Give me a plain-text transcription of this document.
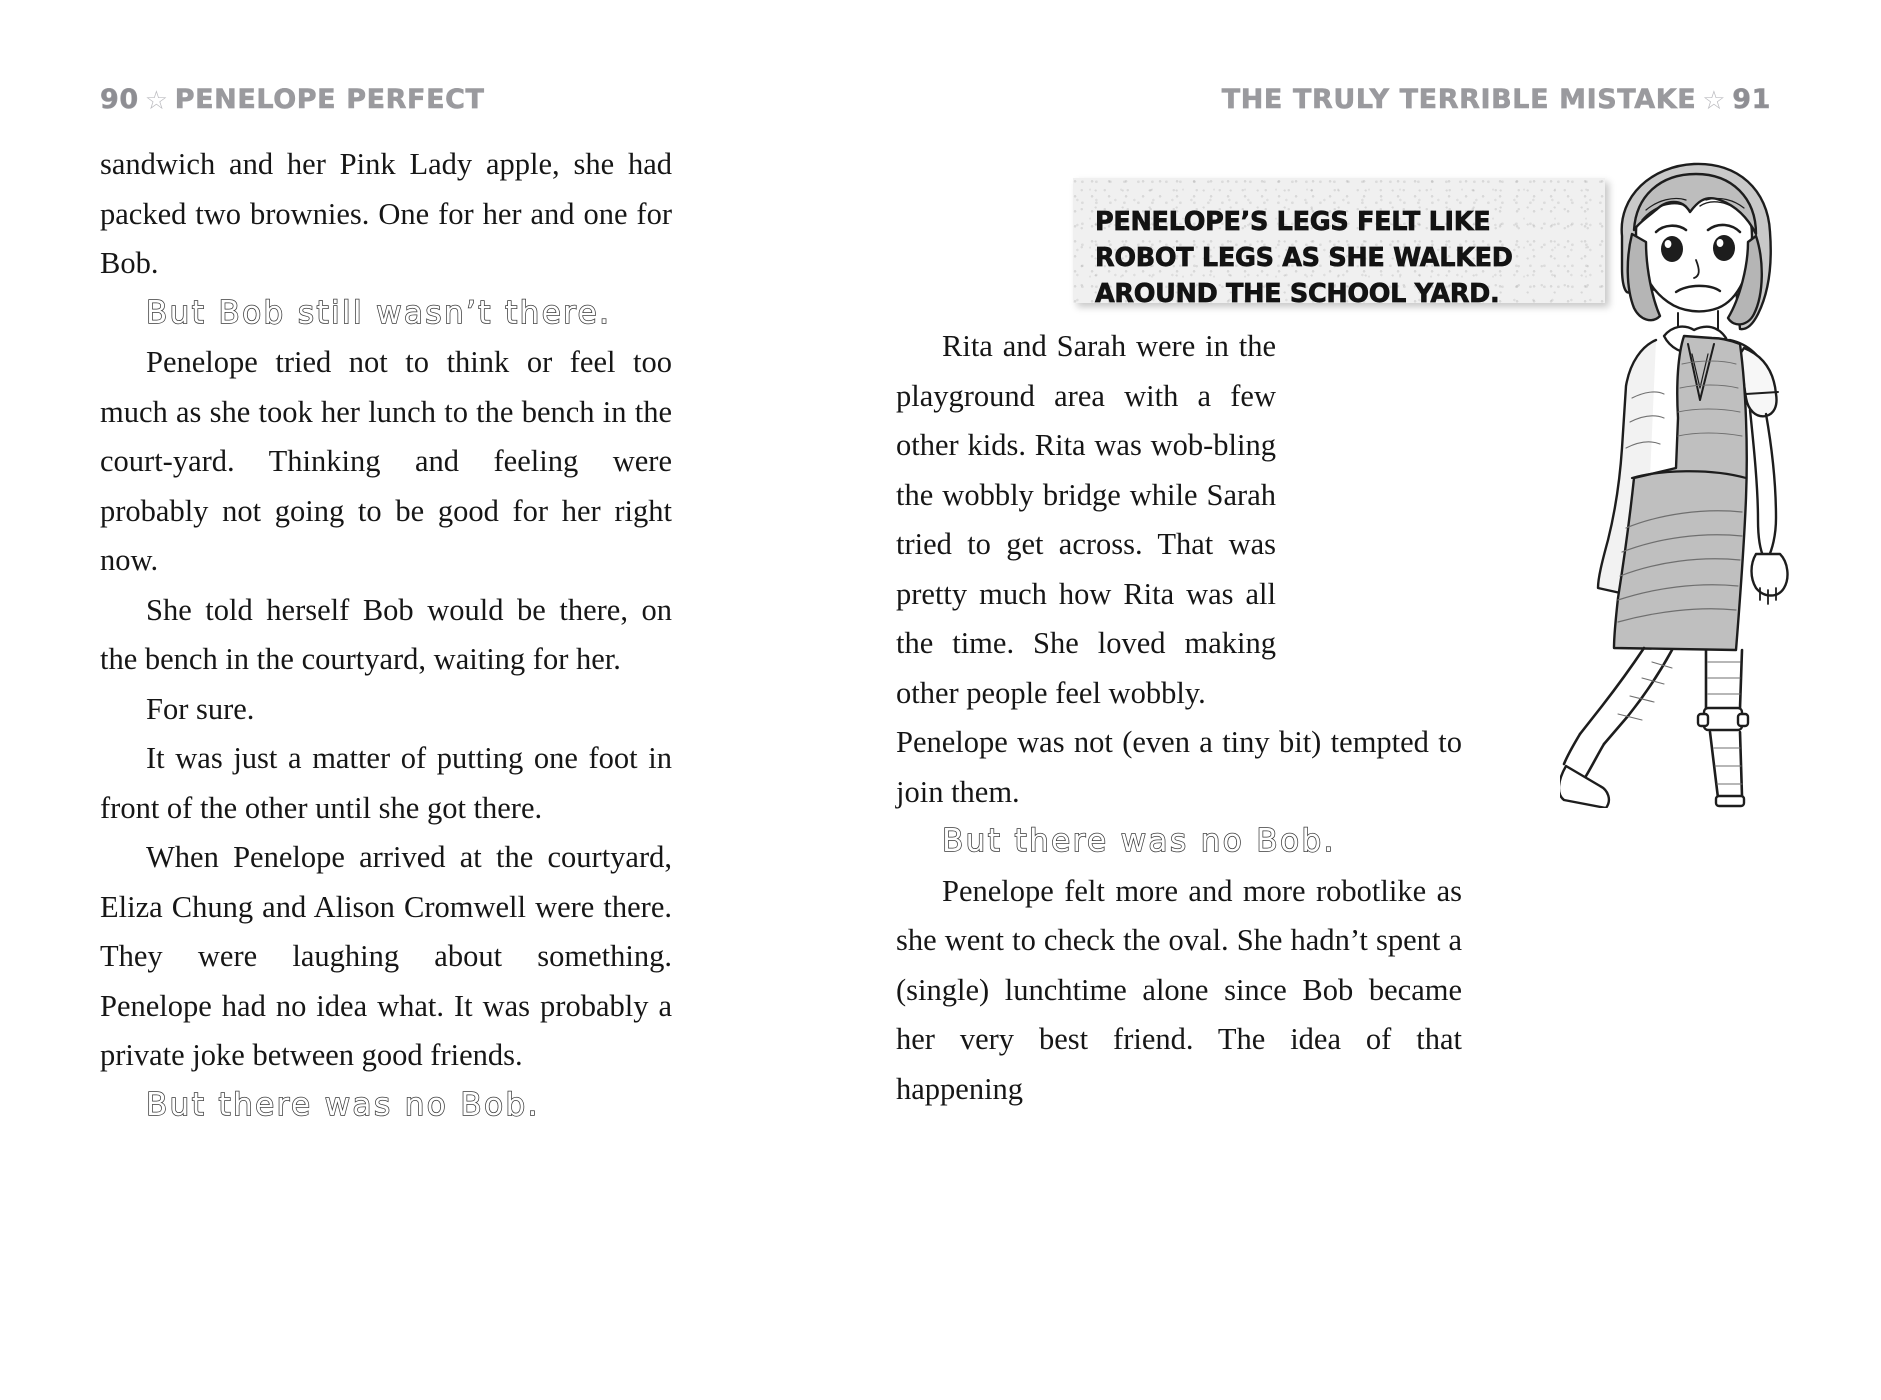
90 ☆ PENELOPE PERFECT	THE TRULY TERRIBLE MISTAKE ☆ 91

sandwich and her Pink Lady apple, she had packed two brownies. One for her and one for Bob.

But Bob still wasn’t there.

Penelope tried not to think or feel too much as she took her lunch to the bench in the court-yard. Thinking and feeling were probably not going to be good for her right now.

She told herself Bob would be there, on the bench in the courtyard, waiting for her.

For sure.

It was just a matter of putting one foot in front of the other until she got there.

When Penelope arrived at the courtyard, Eliza Chung and Alison Cromwell were there. They were laughing about something. Penelope had no idea what. It was probably a private joke between good friends.

But there was no Bob.

PENELOPE’S LEGS FELT LIKE ROBOT LEGS AS SHE WALKED AROUND THE SCHOOL YARD.

Rita and Sarah were in the playground area with a few other kids. Rita was wob-bling the wobbly bridge while Sarah tried to get across. That was pretty much how Rita was all the time. She loved making other people feel wobbly.

Penelope was not (even a tiny bit) tempted to join them.

But there was no Bob.

Penelope felt more and more robotlike as she went to check the oval. She hadn’t spent a (single) lunchtime alone since Bob became her very best friend. The idea of that happening
